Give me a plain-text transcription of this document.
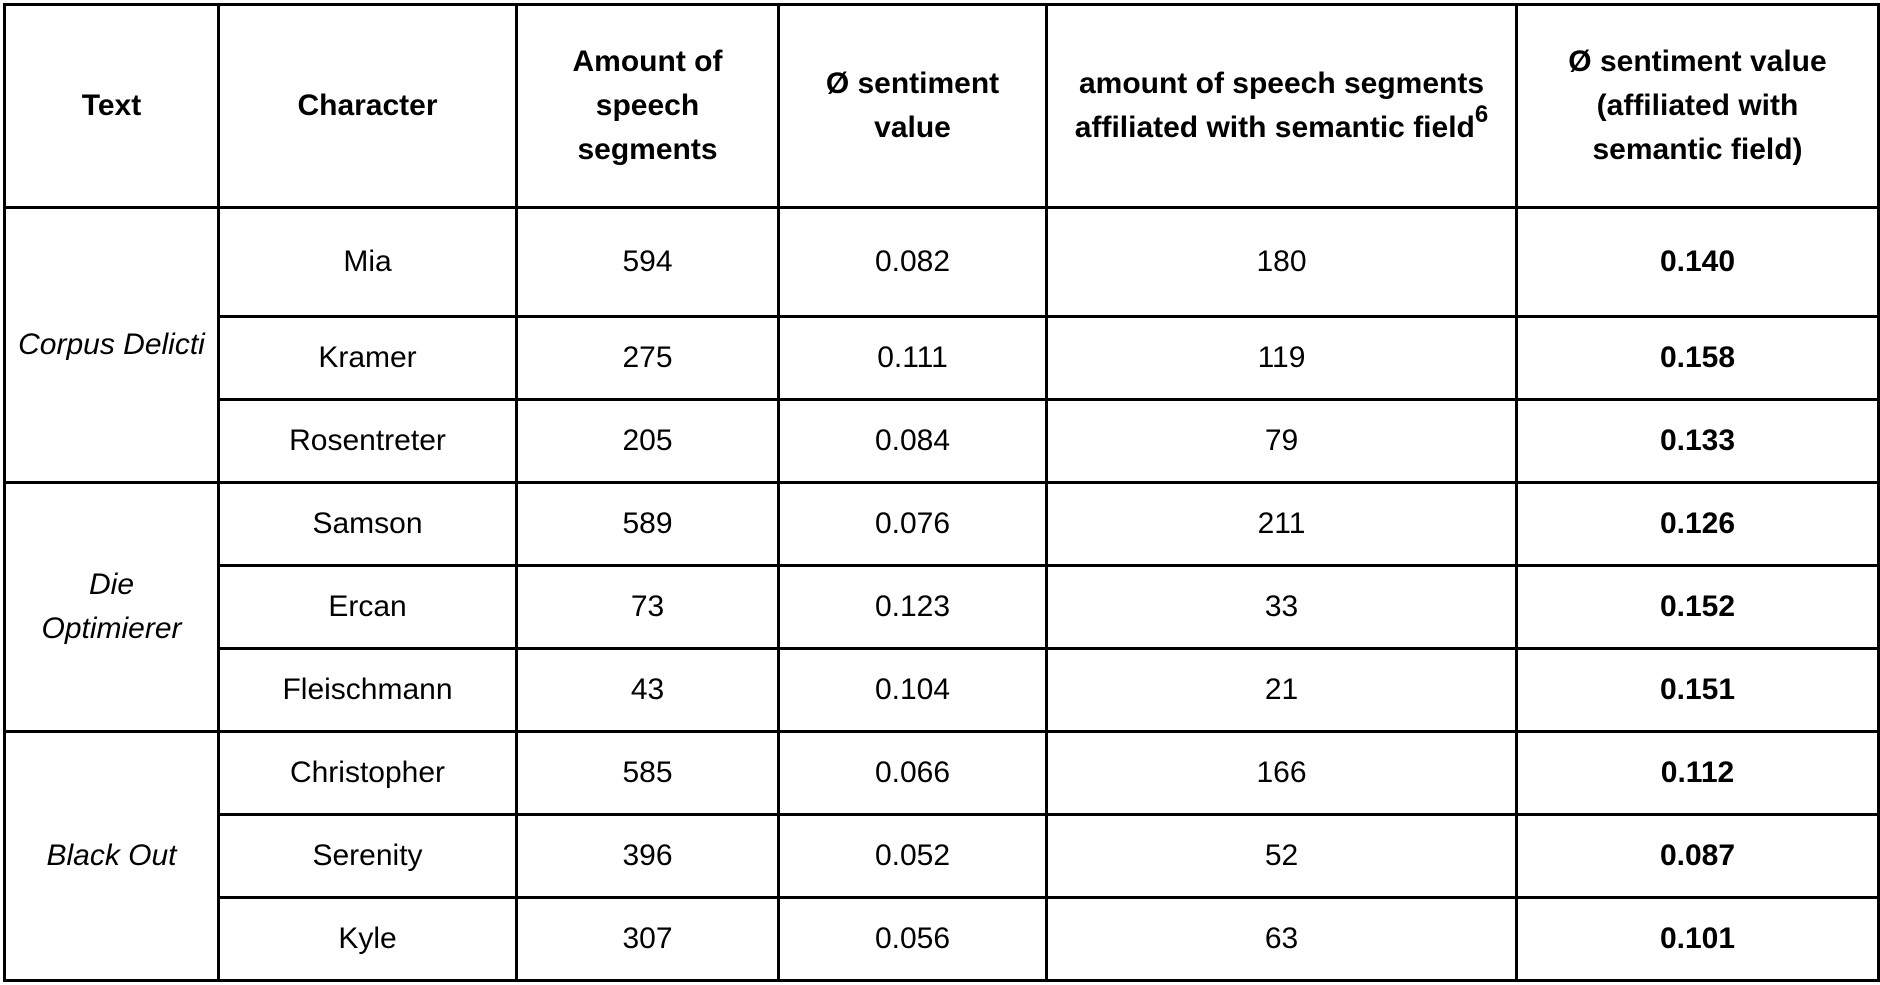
Text	Character	Amount of speech segments	Ø sentiment value	amount of speech segments affiliated with semantic field$^6$	Ø sentiment value (affiliated with semantic field)
Corpus Delicti	Mia	594	0.082	180	0.140
	Kramer	275	0.111	119	0.158
	Rosentreter	205	0.084	79	0.133
Die Optimierer	Samson	589	0.076	211	0.126
	Ercan	73	0.123	33	0.152
	Fleischmann	43	0.104	21	0.151
Black Out	Christopher	585	0.066	166	0.112
	Serenity	396	0.052	52	0.087
	Kyle	307	0.056	63	0.101
